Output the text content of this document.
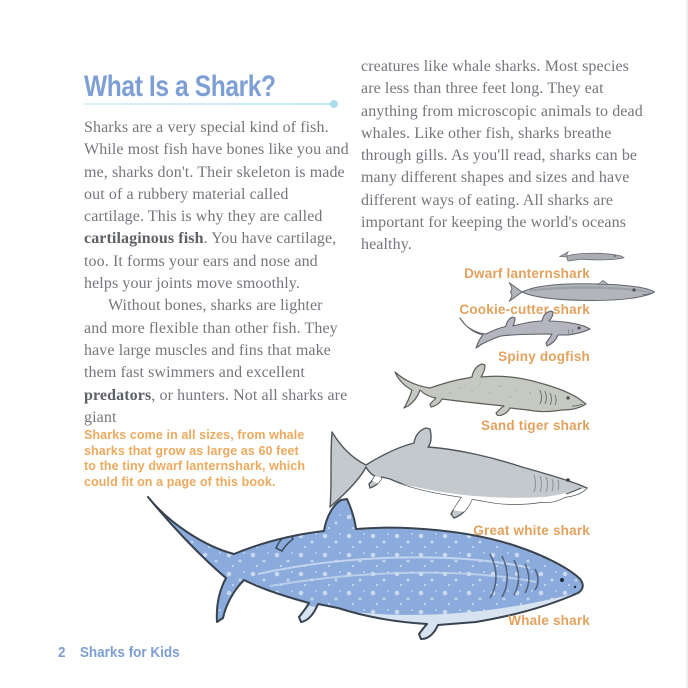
What Is a Shark?

Sharks are a very special kind of fish. While most fish have bones like you and me, sharks don't. Their skeleton is made out of a rubbery material called cartilage. This is why they are called cartilaginous fish. You have cartilage, too. It forms your ears and nose and helps your joints move smoothly.

Without bones, sharks are lighter and more flexible than other fish. They have large muscles and fins that make them fast swimmers and excellent predators, or hunters. Not all sharks are giant

creatures like whale sharks. Most species are less than three feet long. They eat anything from microscopic animals to dead whales. Like other fish, sharks breathe through gills. As you'll read, sharks can be many different shapes and sizes and have different ways of eating. All sharks are important for keeping the world's oceans healthy.

Sharks come in all sizes, from whale sharks that grow as large as 60 feet to the tiny dwarf lanternshark, which could fit on a page of this book.

Dwarf lanternshark
Cookie-cutter shark
Spiny dogfish
Sand tiger shark
Great white shark
Whale shark
2 Sharks for Kids
